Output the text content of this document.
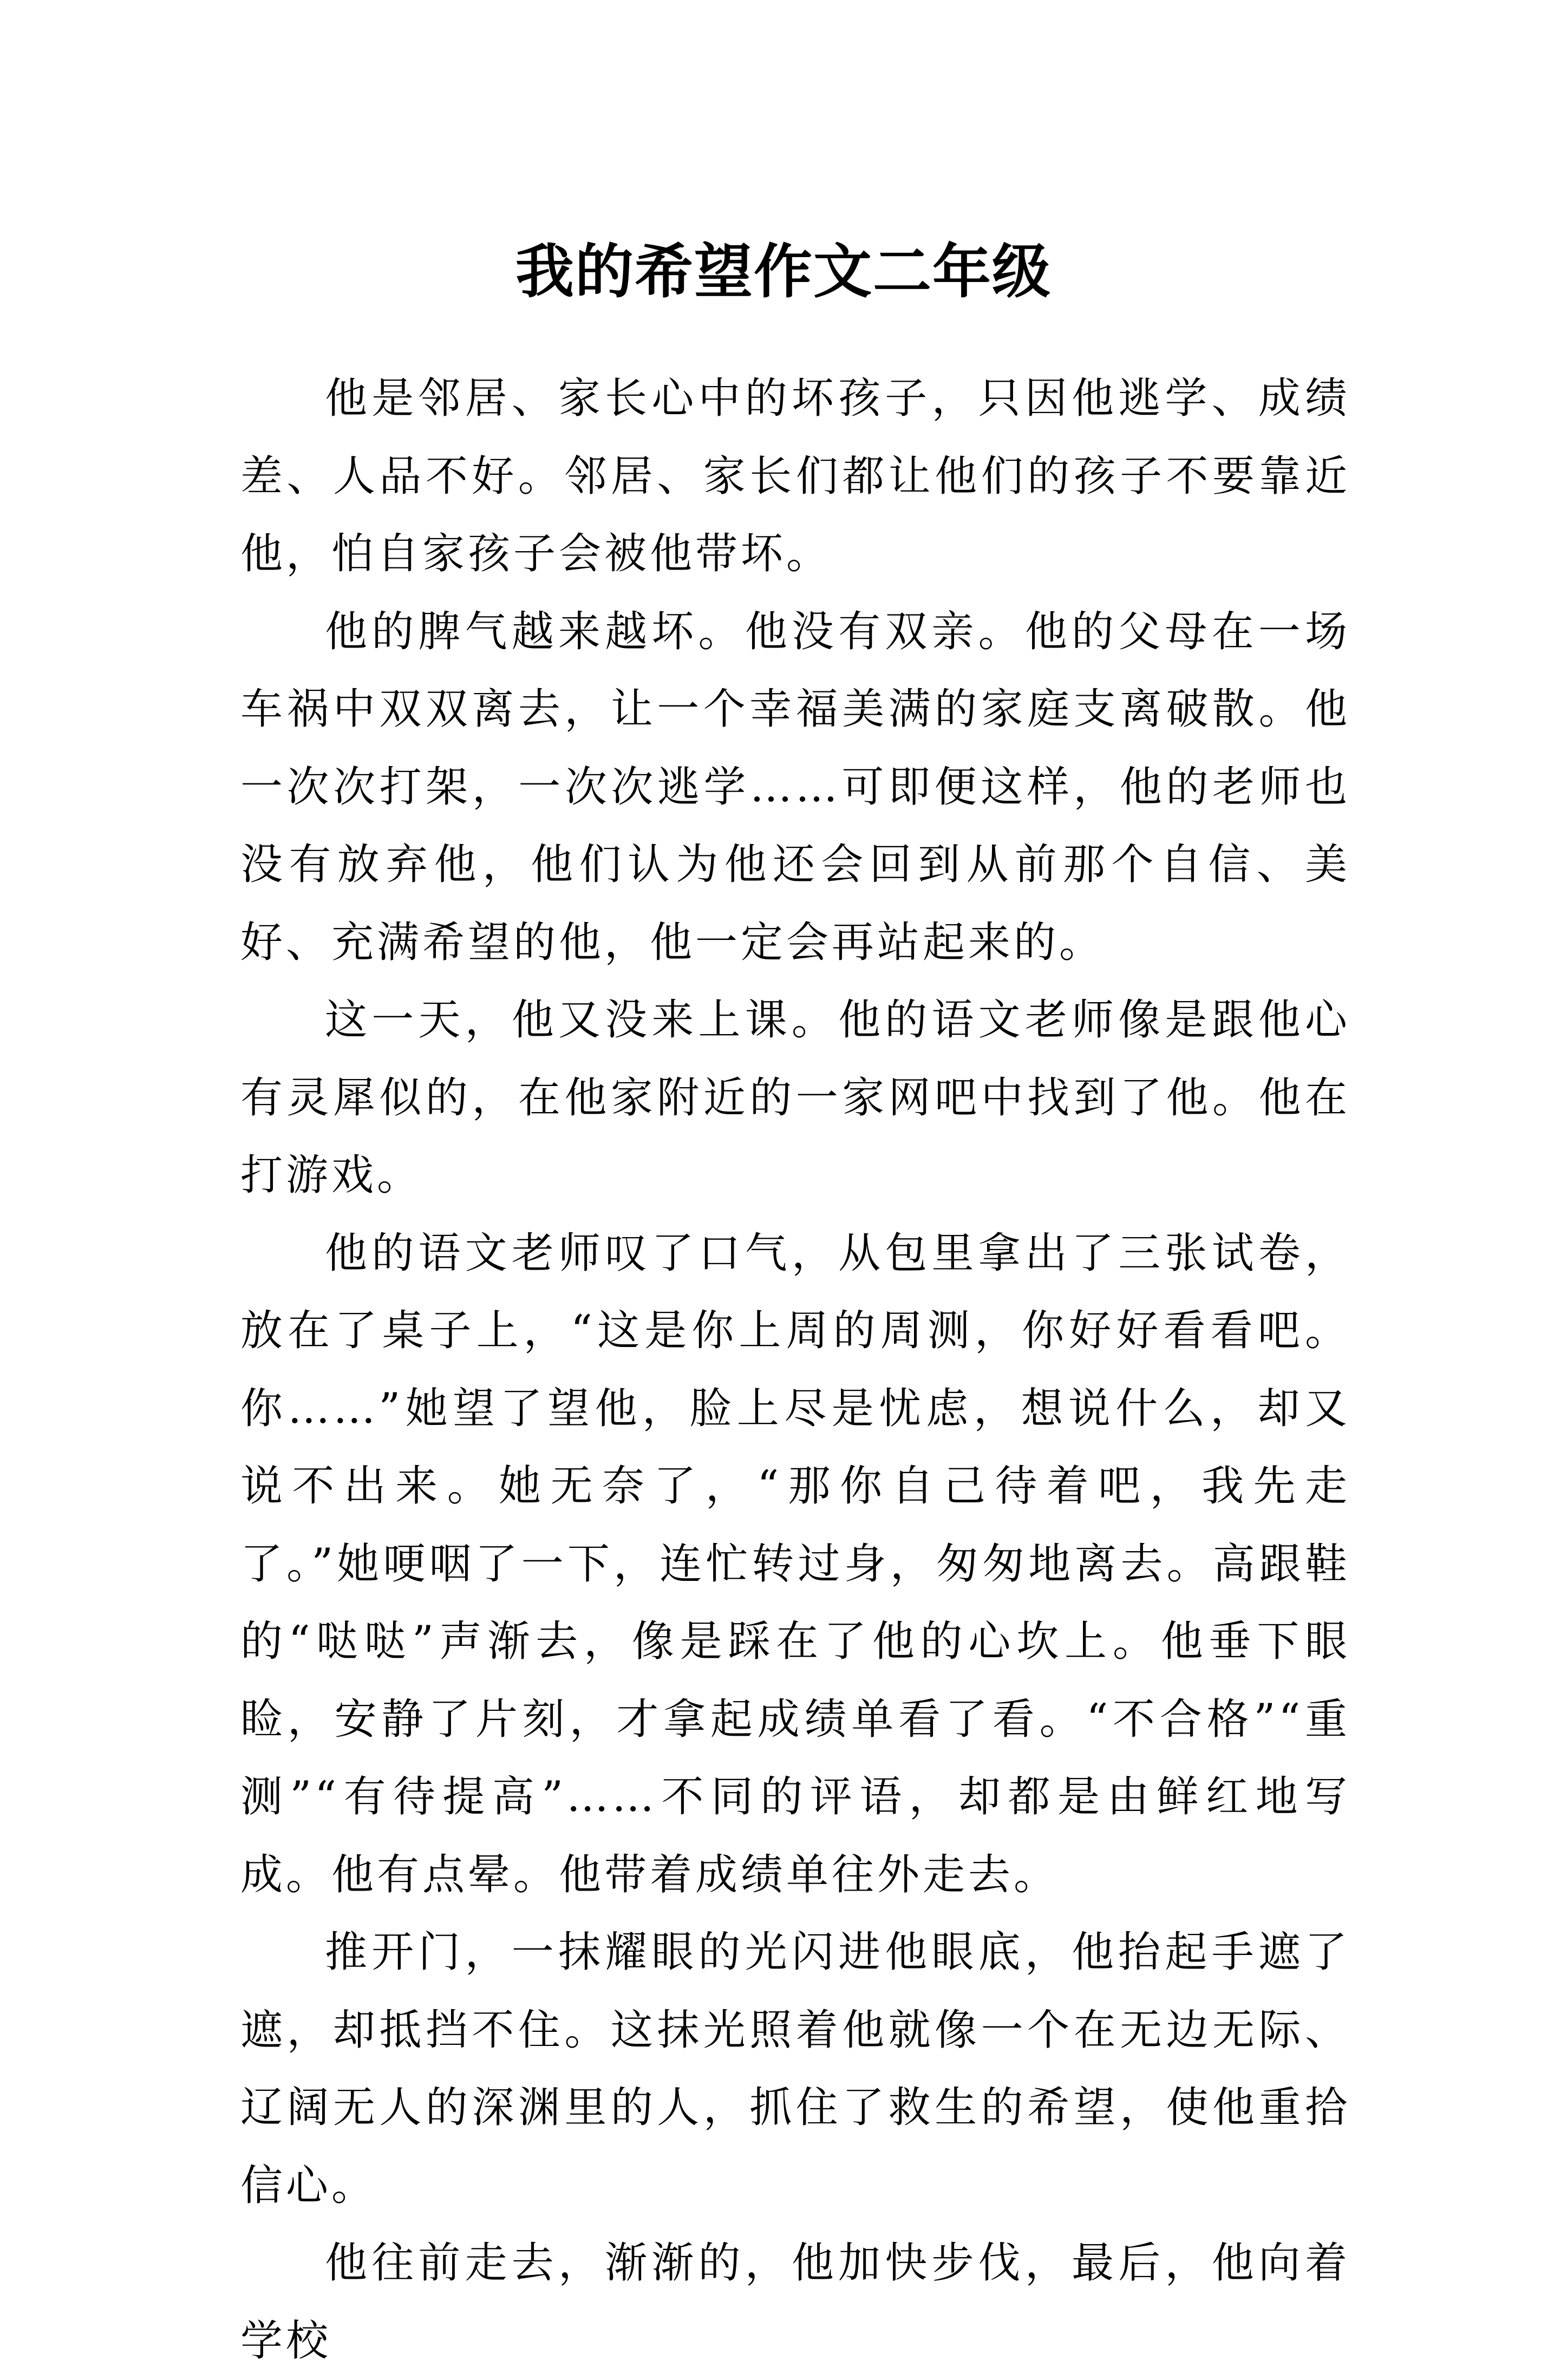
我的希望作文二年级

他是邻居、家长心中的坏孩子，只因他逃学、成绩差、人品不好。邻居、家长们都让他们的孩子不要靠近他，怕自家孩子会被他带坏。

他的脾气越来越坏。他没有双亲。他的父母在一场车祸中双双离去，让一个幸福美满的家庭支离破散。他一次次打架，一次次逃学……可即便这样，他的老师也没有放弃他，他们认为他还会回到从前那个自信、美好、充满希望的他，他一定会再站起来的。

这一天，他又没来上课。他的语文老师像是跟他心有灵犀似的，在他家附近的一家网吧中找到了他。他在打游戏。

他的语文老师叹了口气，从包里拿出了三张试卷，放在了桌子上，“这是你上周的周测，你好好看看吧。你……”她望了望他，脸上尽是忧虑，想说什么，却又说不出来。她无奈了，“那你自己待着吧，我先走了。”她哽咽了一下，连忙转过身，匆匆地离去。高跟鞋的“哒哒”声渐去，像是踩在了他的心坎上。他垂下眼睑，安静了片刻，才拿起成绩单看了看。“不合格”“重测”“有待提高”……不同的评语，却都是由鲜红地写成。他有点晕。他带着成绩单往外走去。

推开门，一抹耀眼的光闪进他眼底，他抬起手遮了遮，却抵挡不住。这抹光照着他就像一个在无边无际、辽阔无人的深渊里的人，抓住了救生的希望，使他重拾信心。

他往前走去，渐渐的，他加快步伐，最后，他向着学校
